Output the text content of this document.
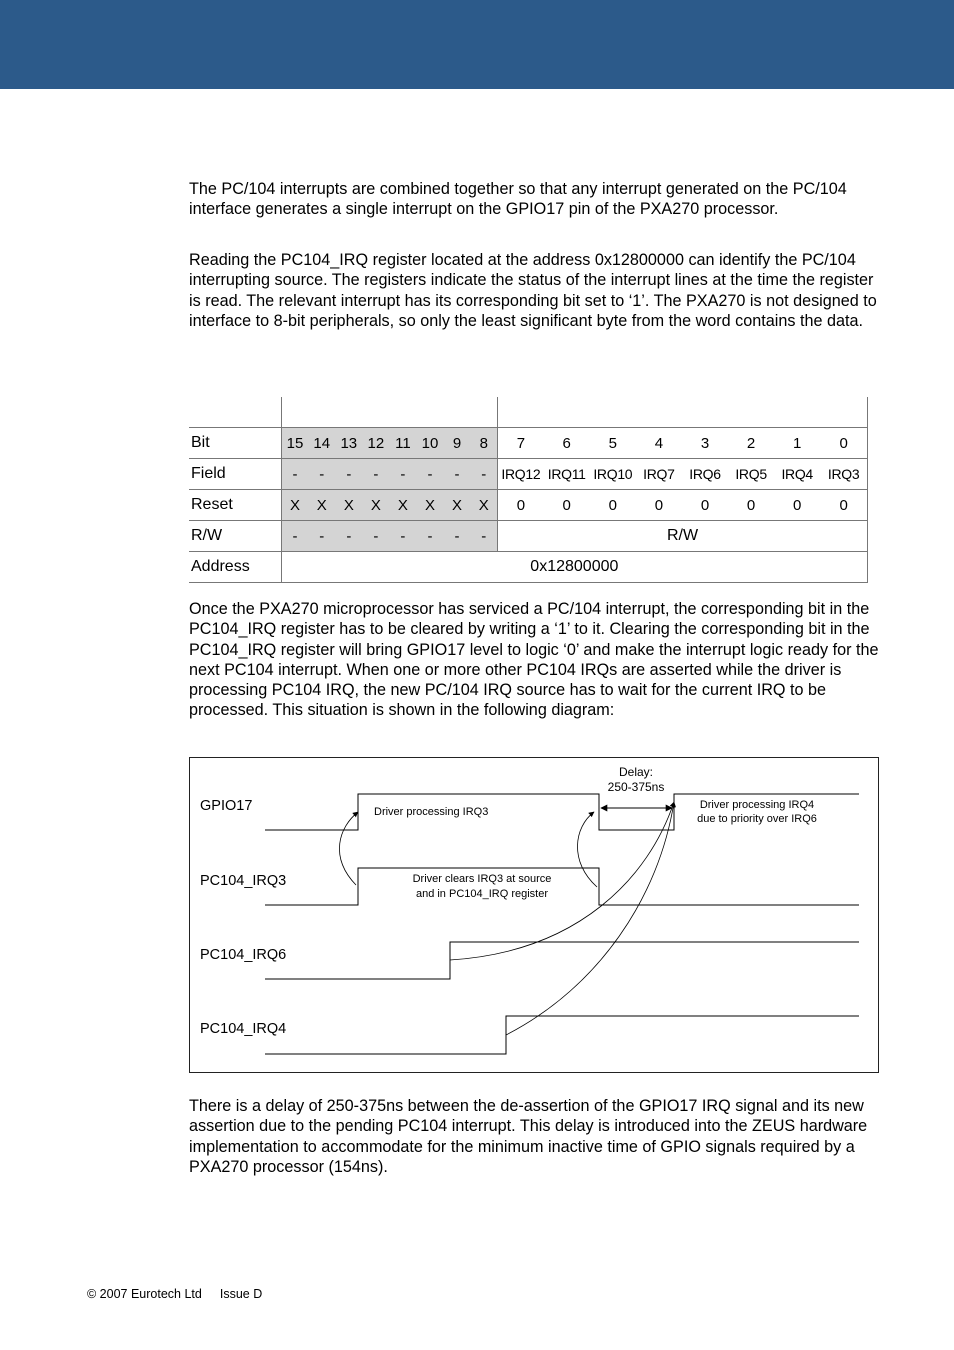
The PC/104 interrupts are combined together so that any interrupt generated on the PC/104 interface generates a single interrupt on the GPIO17 pin of the PXA270 processor.

Reading the PC104_IRQ register located at the address 0x12800000 can identify the PC/104 interrupting source. The registers indicate the status of the interrupt lines at the time the register is read. The relevant interrupt has its corresponding bit set to ‘1’. The PXA270 is not designed to interface to 8-bit peripherals, so only the least significant byte from the word contains the data.

Bit	15	14	13	12	11	10	9	8	7	6	5	4	3	2	1	0
Field	-	-	-	-	-	-	-	-	IRQ12	IRQ11	IRQ10	IRQ7	IRQ6	IRQ5	IRQ4	IRQ3
Reset	X	X	X	X	X	X	X	X	0	0	0	0	0	0	0	0
R/W	-	-	-	-	-	-	-	-	R/W							
Address	0x12800000															

Once the PXA270 microprocessor has serviced a PC/104 interrupt, the corresponding bit in the PC104_IRQ register has to be cleared by writing a ‘1’ to it. Clearing the corresponding bit in the PC104_IRQ register will bring GPIO17 level to logic ‘0’ and make the interrupt logic ready for the next PC104 interrupt. When one or more other PC104 IRQs are asserted while the driver is processing PC104 IRQ, the new PC/104 IRQ source has to wait for the current IRQ to be processed. This situation is shown in the following diagram:

GPIO17
PC104_IRQ3
PC104_IRQ6
PC104_IRQ4
Driver processing IRQ3
Delay:
250-375ns
Driver processing IRQ4
due to priority over IRQ6
Driver clears IRQ3 at source
and in PC104_IRQ register

There is a delay of 250-375ns between the de-assertion of the GPIO17 IRQ signal and its new assertion due to the pending PC104 interrupt. This delay is introduced into the ZEUS hardware implementation to accommodate for the minimum inactive time of GPIO signals required by a PXA270 processor (154ns).

© 2007 Eurotech Ltd Issue D
